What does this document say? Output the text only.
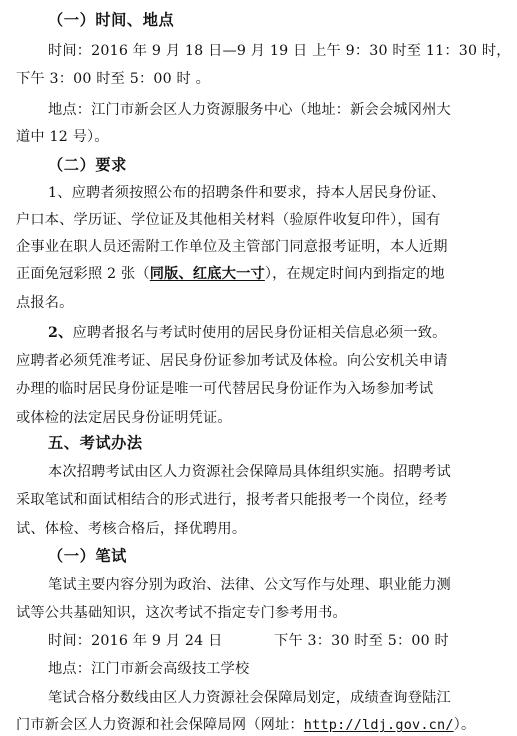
（一）时间、地点
时间：2016 年 9 月 18 日—9 月 19 日 上午 9：30 时至 11：30 时，
下午 3：00 时至 5：00 时 。
地点：江门市新会区人力资源服务中心（地址：新会会城冈州大
道中 12 号）。
（二）要求
1、应聘者须按照公布的招聘条件和要求，持本人居民身份证、
户口本、学历证、学位证及其他相关材料（验原件收复印件），国有
企事业在职人员还需附工作单位及主管部门同意报考证明，本人近期
正面免冠彩照 2 张（同版、红底大一寸），在规定时间内到指定的地
点报名。
2、应聘者报名与考试时使用的居民身份证相关信息必须一致。
应聘者必须凭准考证、居民身份证参加考试及体检。向公安机关申请
办理的临时居民身份证是唯一可代替居民身份证作为入场参加考试
或体检的法定居民身份证明凭证。
五、考试办法
本次招聘考试由区人力资源社会保障局具体组织实施。招聘考试
采取笔试和面试相结合的形式进行，报考者只能报考一个岗位，经考
试、体检、考核合格后，择优聘用。
（一）笔试
笔试主要内容分别为政治、法律、公文写作与处理、职业能力测
试等公共基础知识，这次考试不指定专门参考用书。
时间：2016 年 9 月 24 日	下午 3：30 时至 5：00 时
地点：江门市新会高级技工学校
笔试合格分数线由区人力资源社会保障局划定，成绩查询登陆江
门市新会区人力资源和社会保障局网（网址：http://ldj.gov.cn/）。
